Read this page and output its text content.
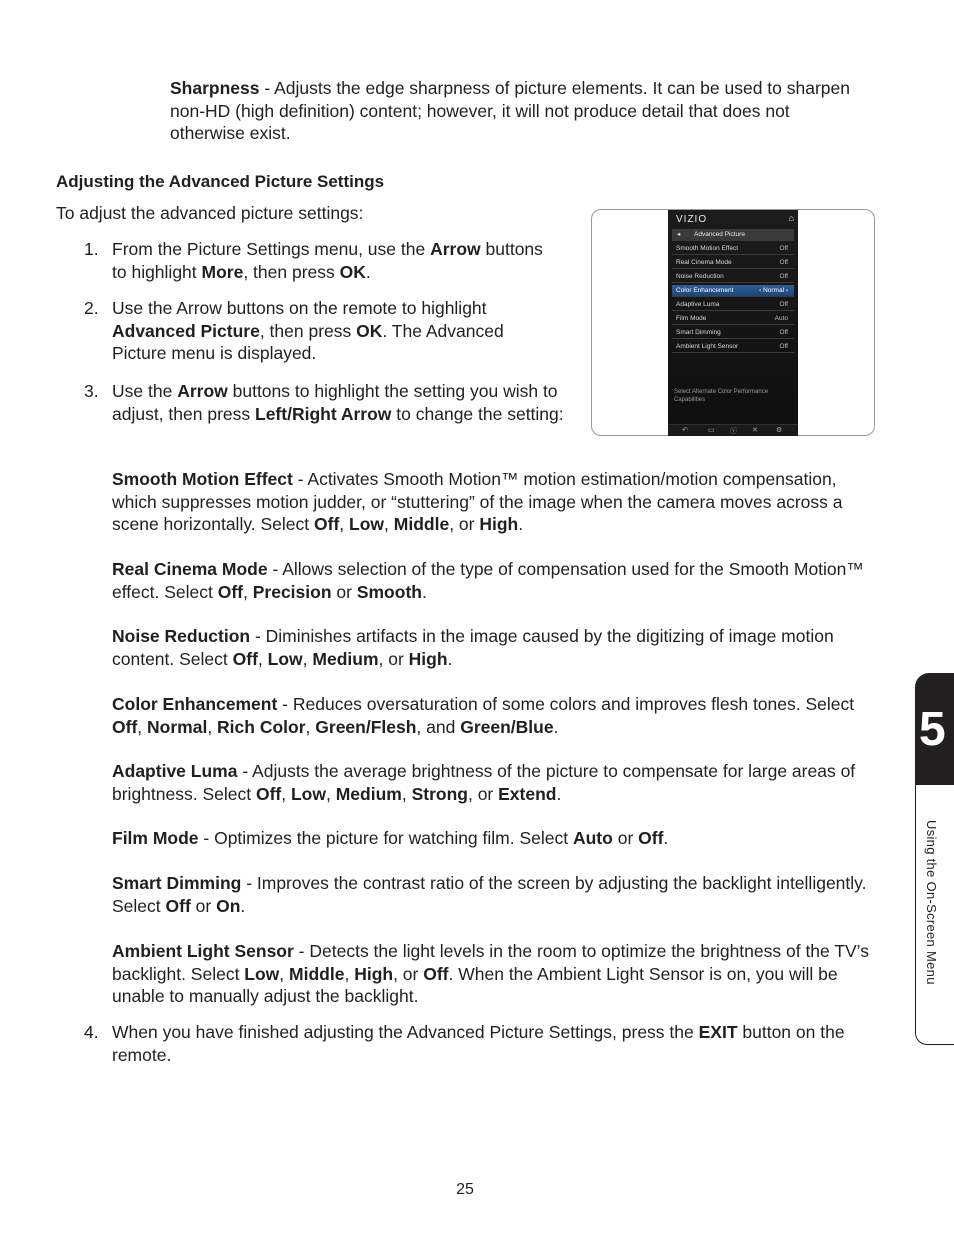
Sharpness - Adjusts the edge sharpness of picture elements. It can be used to sharpen non-HD (high definition) content; however, it will not produce detail that does not otherwise exist.

Adjusting the Advanced Picture Settings

To adjust the advanced picture settings:

1. From the Picture Settings menu, use the Arrow buttons to highlight More, then press OK.

2. Use the Arrow buttons on the remote to highlight Advanced Picture, then press OK. The Advanced Picture menu is displayed.

3. Use the Arrow buttons to highlight the setting you wish to adjust, then press Left/Right Arrow to change the setting:

VIZIO	⌂
◂ Advanced Picture
Smooth Motion Effect	Off
Real Cinema Mode	Off
Noise Reduction	Off
Color Enhancement	‹ Normal ›
Adaptive Luma	Off
Film Mode	Auto
Smart Dimming	Off
Ambient Light Sensor	Off
Select Alternate Color Performance Capabilities
↶	▭ ⓥ ✕	⚙

Smooth Motion Effect - Activates Smooth Motion™ motion estimation/motion compensation, which suppresses motion judder, or “stuttering” of the image when the camera moves across a scene horizontally. Select Off, Low, Middle, or High.

Real Cinema Mode - Allows selection of the type of compensation used for the Smooth Motion™ effect. Select Off, Precision or Smooth.

Noise Reduction - Diminishes artifacts in the image caused by the digitizing of image motion content. Select Off, Low, Medium, or High.

Color Enhancement - Reduces oversaturation of some colors and improves flesh tones. Select Off, Normal, Rich Color, Green/Flesh, and Green/Blue.

Adaptive Luma - Adjusts the average brightness of the picture to compensate for large areas of brightness. Select Off, Low, Medium, Strong, or Extend.

Film Mode - Optimizes the picture for watching film. Select Auto or Off.

Smart Dimming - Improves the contrast ratio of the screen by adjusting the backlight intelligently. Select Off or On.

Ambient Light Sensor - Detects the light levels in the room to optimize the brightness of the TV’s backlight. Select Low, Middle, High, or Off. When the Ambient Light Sensor is on, you will be unable to manually adjust the backlight.

4. When you have finished adjusting the Advanced Picture Settings, press the EXIT button on the remote.

5
Using the On-Screen Menu
25
